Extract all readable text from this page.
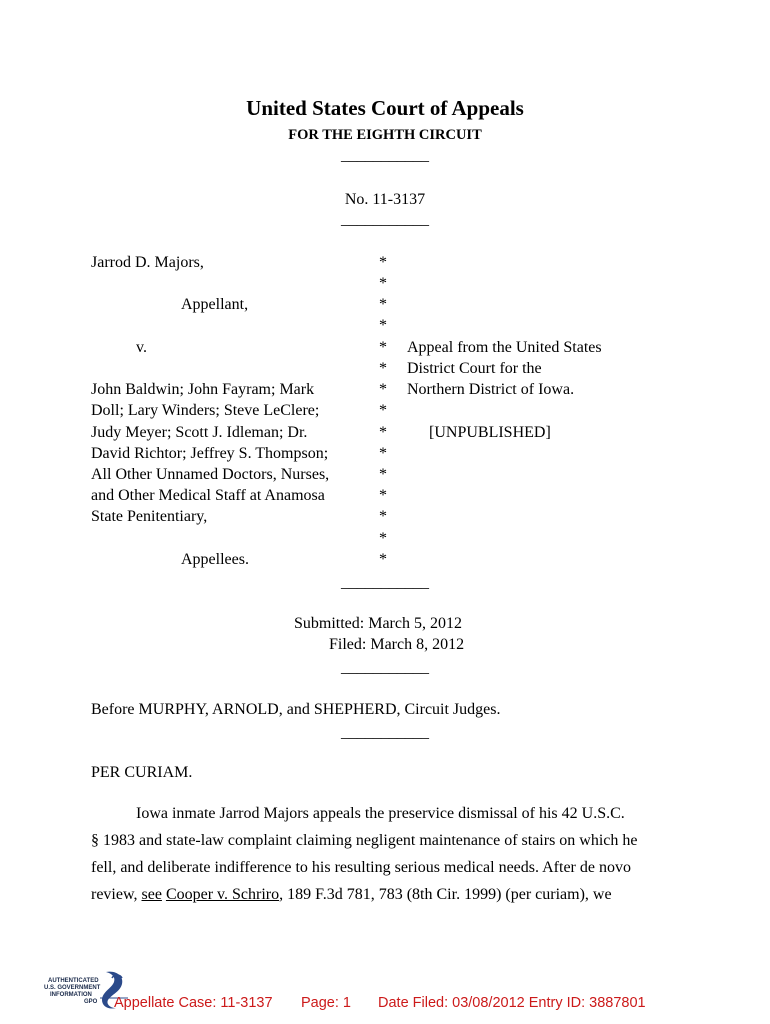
United States Court of Appeals
FOR THE EIGHTH CIRCUIT
___________
No. 11-3137
___________
Jarrod D. Majors,
Appellant,
v.
John Baldwin; John Fayram; Mark
Doll; Lary Winders; Steve LeClere;
Judy Meyer; Scott J. Idleman; Dr.
David Richtor; Jeffrey S. Thompson;
All Other Unnamed Doctors, Nurses,
and Other Medical Staff at Anamosa
State Penitentiary,
Appellees.
*
*
*
*
*
*
*
*
*
*
*
*
*
*
*
Appeal from the United States
District Court for the
Northern District of Iowa.
[UNPUBLISHED]
___________
Submitted: March 5, 2012
Filed: March 8, 2012
___________
Before MURPHY, ARNOLD, and SHEPHERD, Circuit Judges.
___________
PER CURIAM.
Iowa inmate Jarrod Majors appeals the preservice dismissal of his 42 U.S.C.
§ 1983 and state-law complaint claiming negligent maintenance of stairs on which he
fell, and deliberate indifference to his resulting serious medical needs. After de novo
review, see Cooper v. Schriro, 189 F.3d 781, 783 (8th Cir. 1999) (per curiam), we
AUTHENTICATED
U.S. GOVERNMENT
INFORMATION
GPO Appellate Case: 11-3137 Page: 1 Date Filed: 03/08/2012 Entry ID: 3887801
